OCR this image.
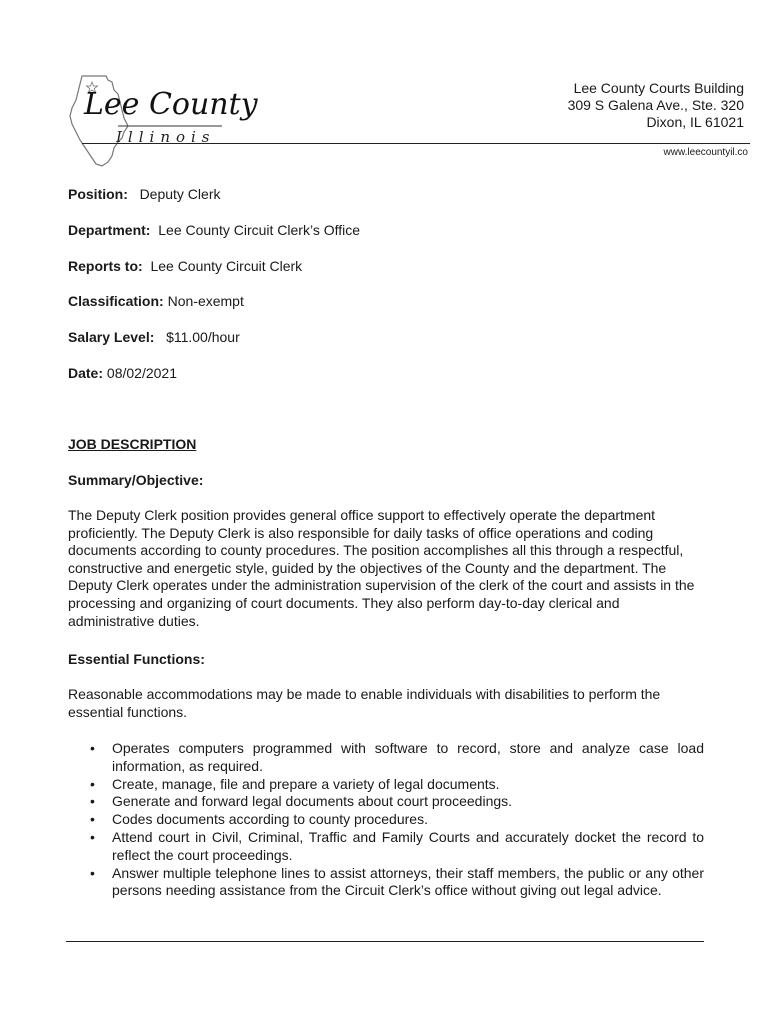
Lee County
Illinois
Lee County Courts Building
309 S Galena Ave., Ste. 320
Dixon, IL 61021
www.leecountyil.co
Position: Deputy Clerk
Department: Lee County Circuit Clerk’s Office
Reports to: Lee County Circuit Clerk
Classification: Non-exempt
Salary Level: $11.00/hour
Date: 08/02/2021
JOB DESCRIPTION
Summary/Objective:
The Deputy Clerk position provides general office support to effectively operate the department proficiently. The Deputy Clerk is also responsible for daily tasks of office operations and coding documents according to county procedures. The position accomplishes all this through a respectful, constructive and energetic style, guided by the objectives of the County and the department. The Deputy Clerk operates under the administration supervision of the clerk of the court and assists in the processing and organizing of court documents. They also perform day-to-day clerical and administrative duties.
Essential Functions:
Reasonable accommodations may be made to enable individuals with disabilities to perform the essential functions.
• Operates computers programmed with software to record, store and analyze case load information, as required.
• Create, manage, file and prepare a variety of legal documents.
• Generate and forward legal documents about court proceedings.
• Codes documents according to county procedures.
• Attend court in Civil, Criminal, Traffic and Family Courts and accurately docket the record to reflect the court proceedings.
• Answer multiple telephone lines to assist attorneys, their staff members, the public or any other persons needing assistance from the Circuit Clerk’s office without giving out legal advice.
